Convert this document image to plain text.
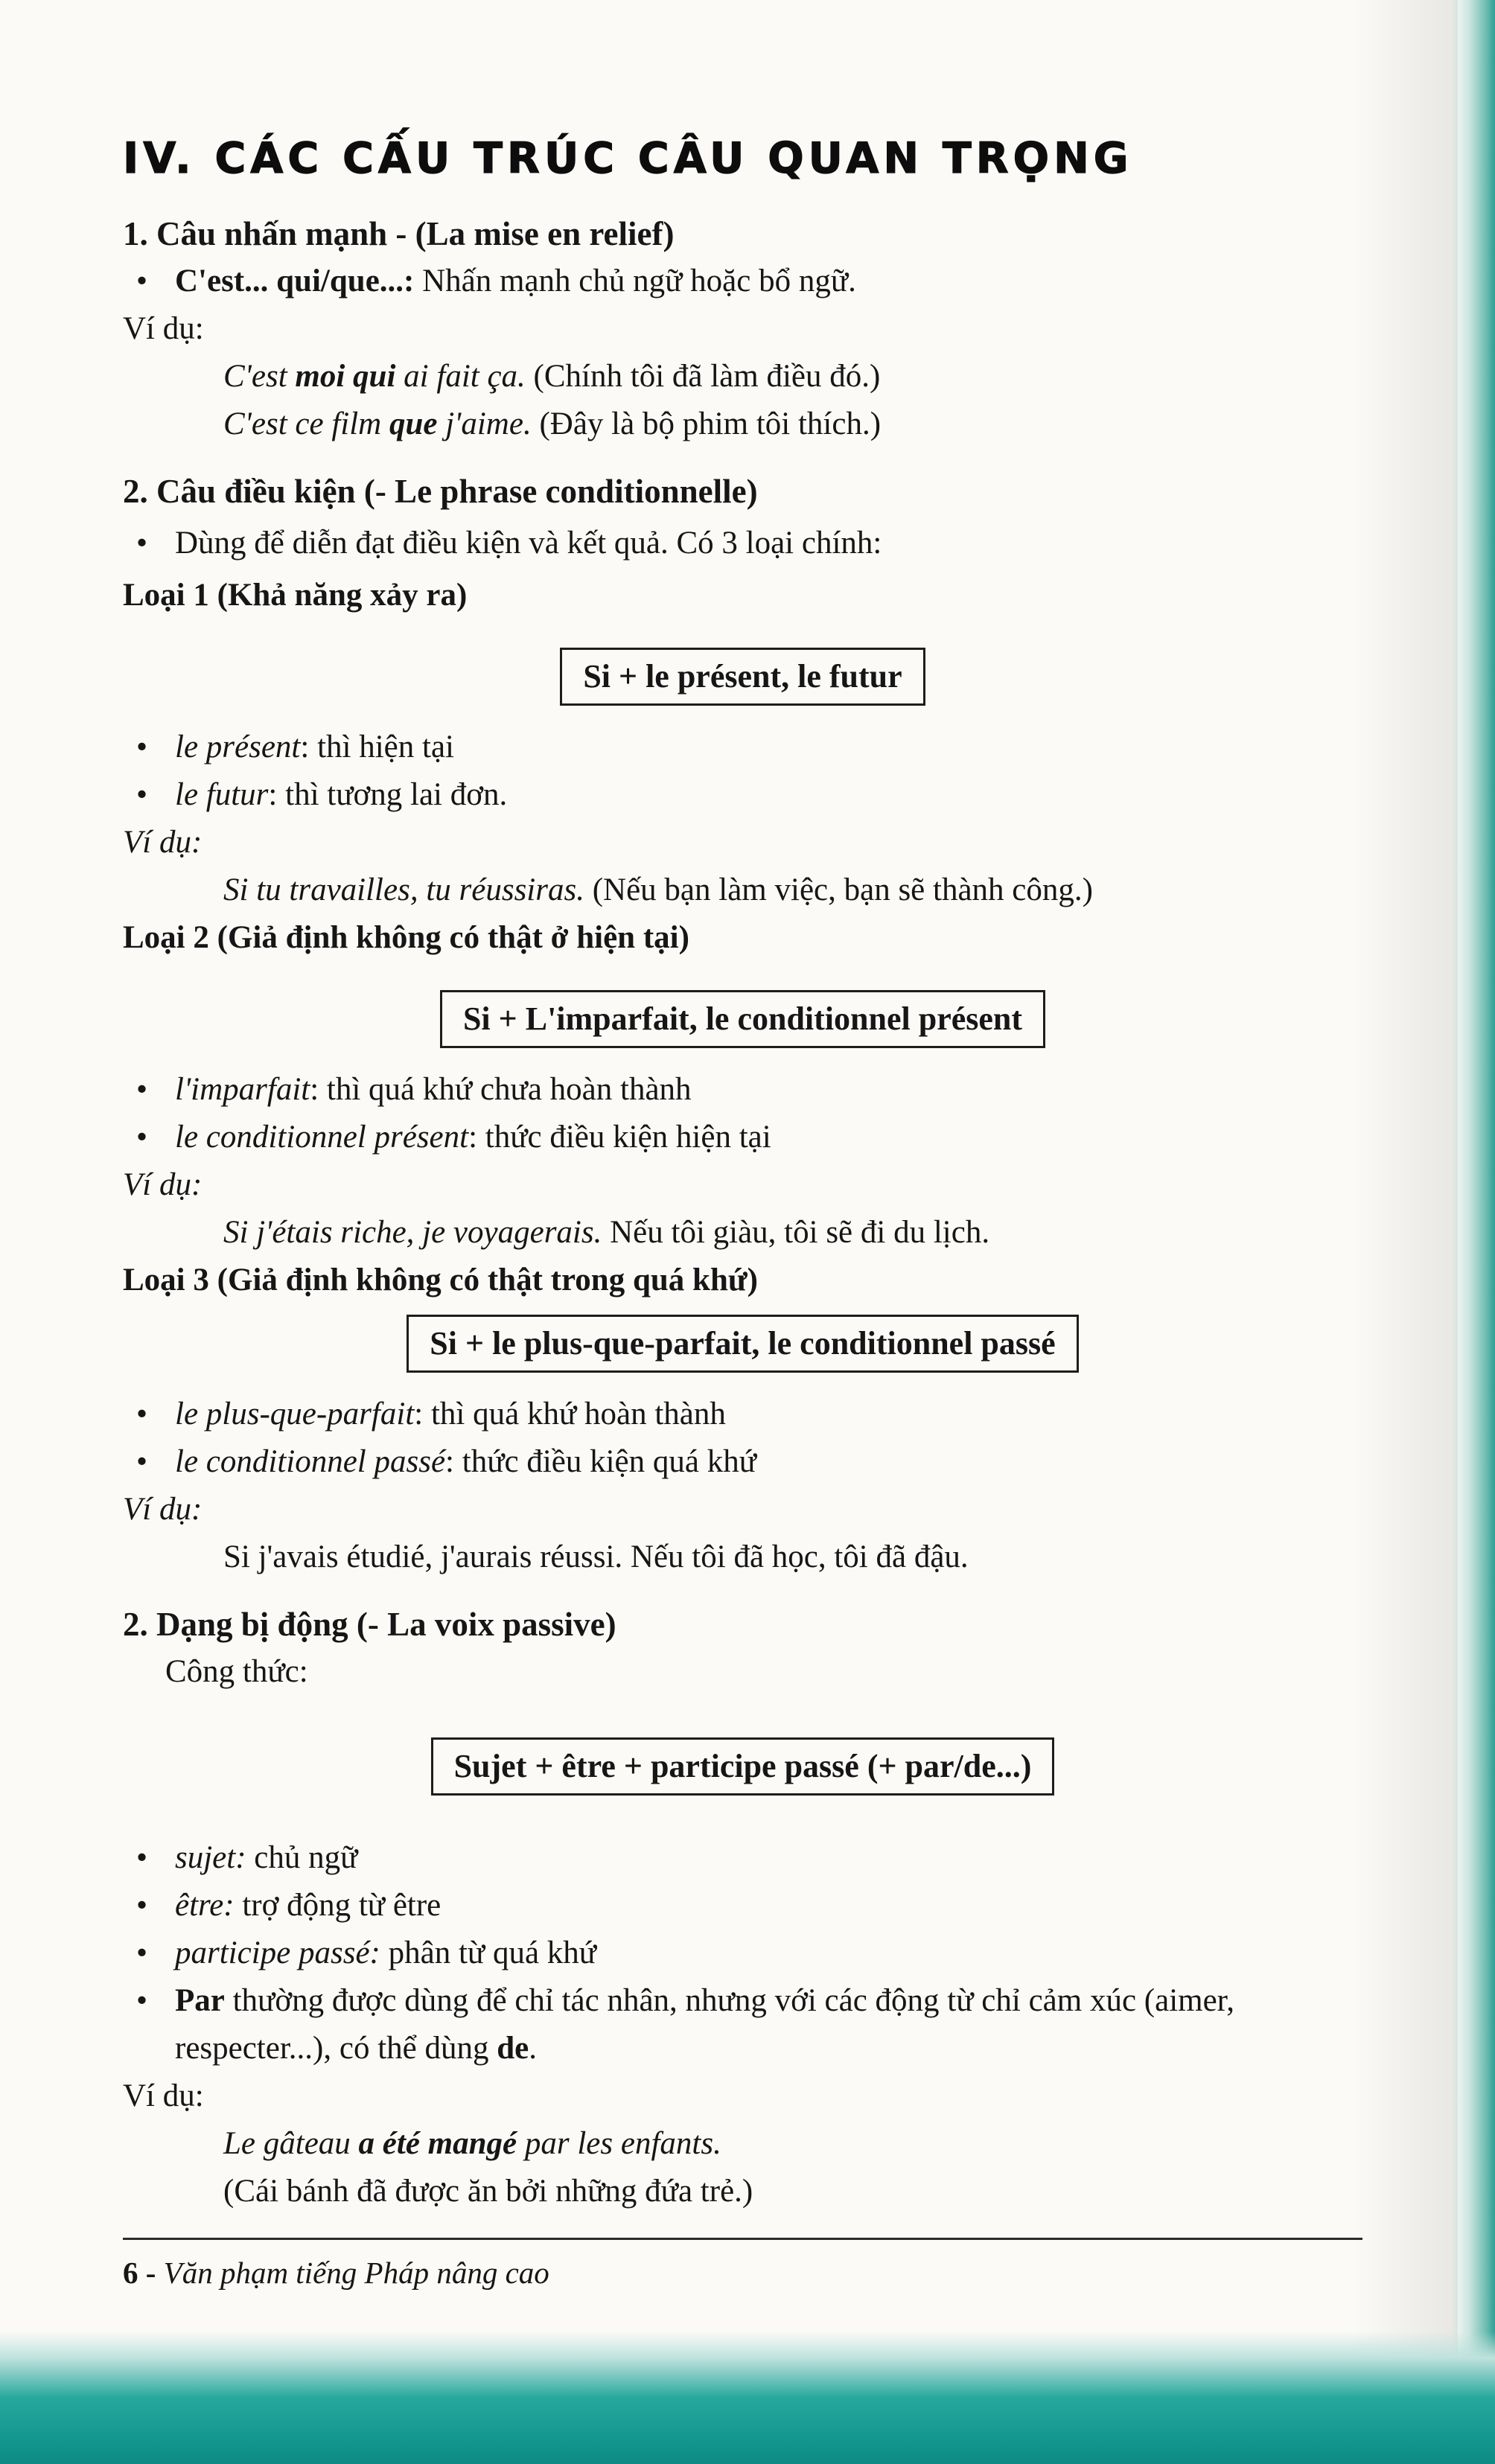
IV. CÁC CẤU TRÚC CÂU QUAN TRỌNG
1. Câu nhấn mạnh - (La mise en relief)
• C'est... qui/que...: Nhấn mạnh chủ ngữ hoặc bổ ngữ.
Ví dụ:
C'est moi qui ai fait ça. (Chính tôi đã làm điều đó.)
C'est ce film que j'aime. (Đây là bộ phim tôi thích.)
2. Câu điều kiện (- Le phrase conditionnelle)
• Dùng để diễn đạt điều kiện và kết quả. Có 3 loại chính:
Loại 1 (Khả năng xảy ra)
Si + le présent, le futur
• le présent: thì hiện tại
• le futur: thì tương lai đơn.
Ví dụ:
Si tu travailles, tu réussiras. (Nếu bạn làm việc, bạn sẽ thành công.)
Loại 2 (Giả định không có thật ở hiện tại)
Si + L'imparfait, le conditionnel présent
• l'imparfait: thì quá khứ chưa hoàn thành
• le conditionnel présent: thức điều kiện hiện tại
Ví dụ:
Si j'étais riche, je voyagerais. Nếu tôi giàu, tôi sẽ đi du lịch.
Loại 3 (Giả định không có thật trong quá khứ)
Si + le plus-que-parfait, le conditionnel passé
• le plus-que-parfait: thì quá khứ hoàn thành
• le conditionnel passé: thức điều kiện quá khứ
Ví dụ:
Si j'avais étudié, j'aurais réussi. Nếu tôi đã học, tôi đã đậu.
2. Dạng bị động (- La voix passive)
Công thức:
Sujet + être + participe passé (+ par/de...)
• sujet: chủ ngữ
• être: trợ động từ être
• participe passé: phân từ quá khứ
• Par thường được dùng để chỉ tác nhân, nhưng với các động từ chỉ cảm xúc (aimer, respecter...), có thể dùng de.
Ví dụ:
Le gâteau a été mangé par les enfants.
(Cái bánh đã được ăn bởi những đứa trẻ.)
6 - Văn phạm tiếng Pháp nâng cao
